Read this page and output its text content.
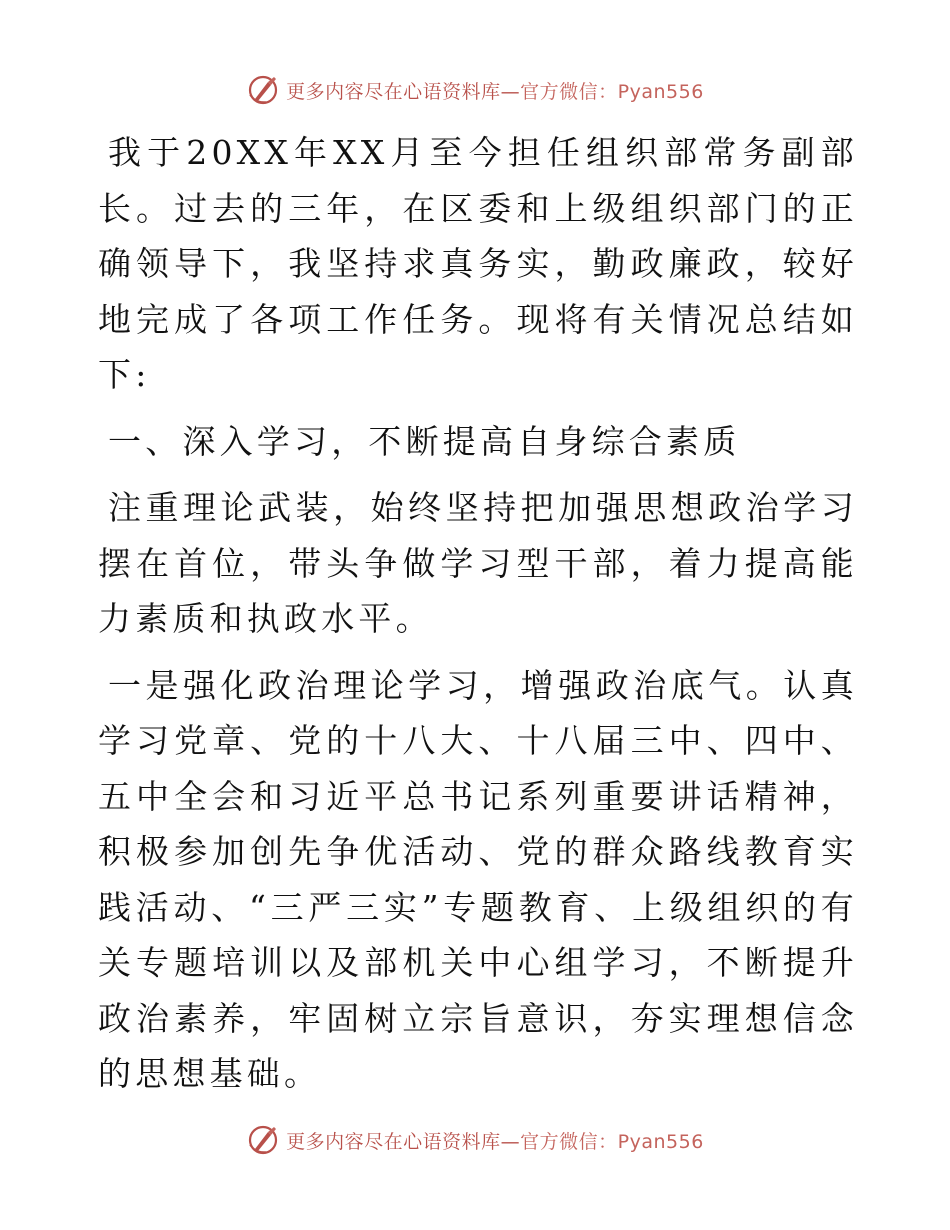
更多内容尽在心语资料库—官方微信：Pyan556

我于20XX年XX月至今担任组织部常务副部长。过去的三年，在区委和上级组织部门的正确领导下，我坚持求真务实，勤政廉政，较好地完成了各项工作任务。现将有关情况总结如下:

一、深入学习，不断提高自身综合素质

注重理论武装，始终坚持把加强思想政治学习摆在首位，带头争做学习型干部，着力提高能力素质和执政水平。

一是强化政治理论学习，增强政治底气。认真学习党章、党的十八大、十八届三中、四中、五中全会和习近平总书记系列重要讲话精神，积极参加创先争优活动、党的群众路线教育实践活动、“三严三实”专题教育、上级组织的有关专题培训以及部机关中心组学习，不断提升政治素养，牢固树立宗旨意识，夯实理想信念的思想基础。

更多内容尽在心语资料库—官方微信：Pyan556
